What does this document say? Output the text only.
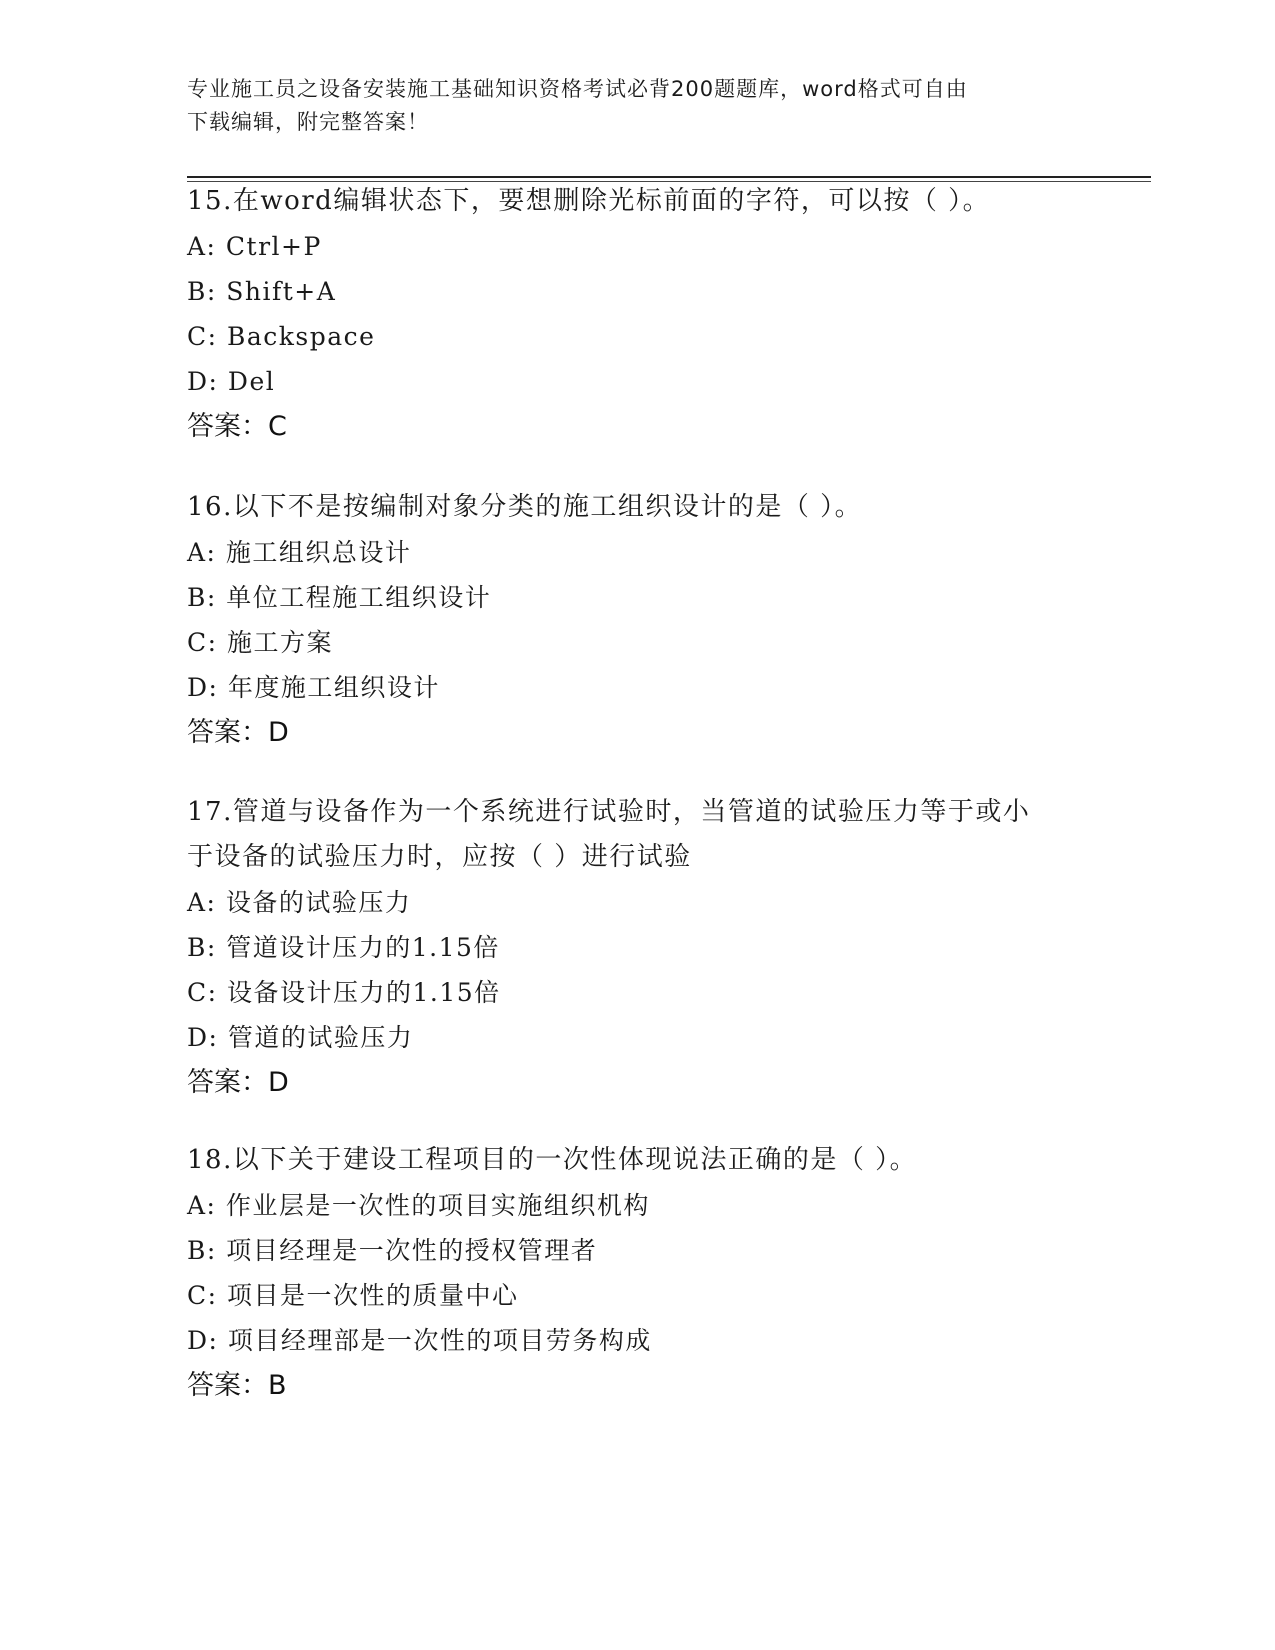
专业施工员之设备安装施工基础知识资格考试必背200题题库，word格式可自由
下载编辑，附完整答案！

15.在word编辑状态下，要想删除光标前面的字符，可以按（ ）。

A: Ctrl+P

B: Shift+A

C: Backspace

D: Del

答案：C

16.以下不是按编制对象分类的施工组织设计的是（ ）。

A: 施工组织总设计

B: 单位工程施工组织设计

C: 施工方案

D: 年度施工组织设计

答案：D

17.管道与设备作为一个系统进行试验时，当管道的试验压力等于或小

于设备的试验压力时，应按（ ）进行试验

A: 设备的试验压力

B: 管道设计压力的1.15倍

C: 设备设计压力的1.15倍

D: 管道的试验压力

答案：D

18.以下关于建设工程项目的一次性体现说法正确的是（ ）。

A: 作业层是一次性的项目实施组织机构

B: 项目经理是一次性的授权管理者

C: 项目是一次性的质量中心

D: 项目经理部是一次性的项目劳务构成

答案：B
